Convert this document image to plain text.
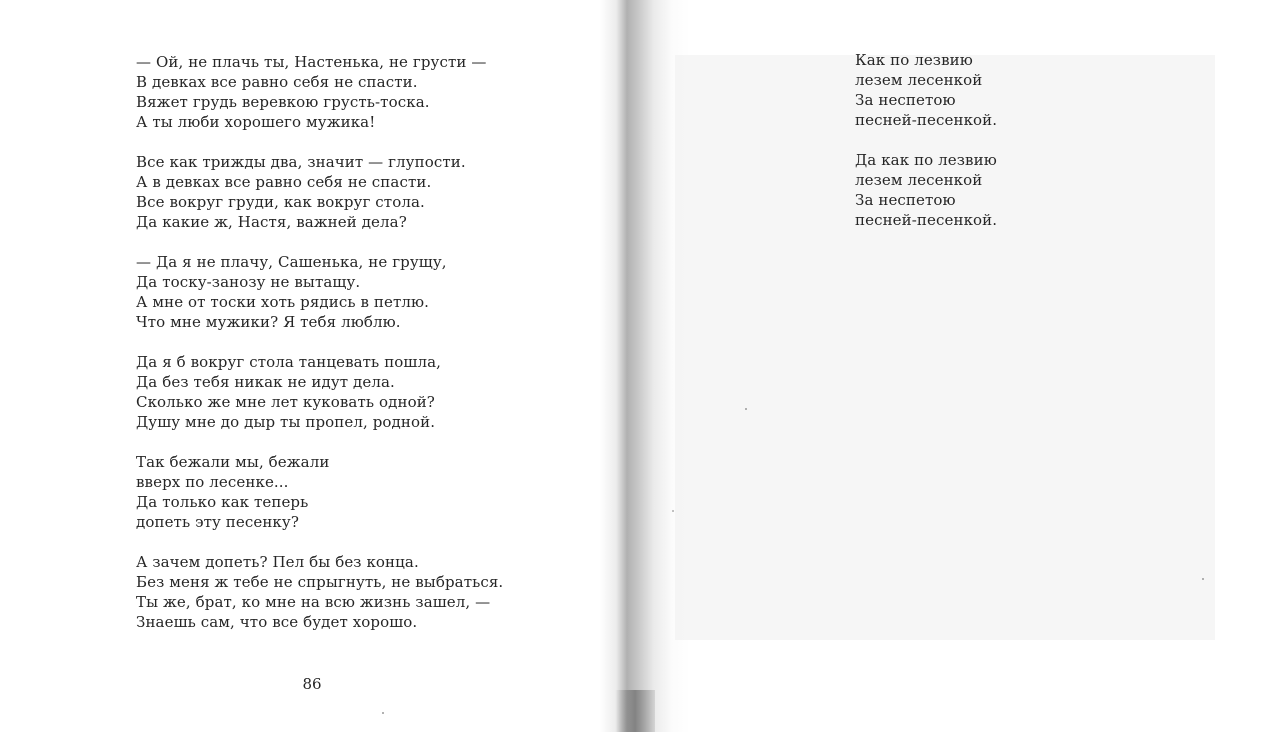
— Ой, не плачь ты, Настенька, не грусти —
В девках все равно себя не спасти.
Вяжет грудь веревкою грусть-тоска.
А ты люби хорошего мужика!

Все как трижды два, значит — глупости.
А в девках все равно себя не спасти.
Все вокруг груди, как вокруг стола.
Да какие ж, Настя, важней дела?

— Да я не плачу, Сашенька, не грущу,
Да тоску-занозу не вытащу.
А мне от тоски хоть рядись в петлю.
Что мне мужики? Я тебя люблю.

Да я б вокруг стола танцевать пошла,
Да без тебя никак не идут дела.
Сколько же мне лет куковать одной?
Душу мне до дыр ты пропел, родной.

Так бежали мы, бежали
вверх по лесенке...
Да только как теперь
допеть эту песенку?

А зачем допеть? Пел бы без конца.
Без меня ж тебе не спрыгнуть, не выбраться.
Ты же, брат, ко мне на всю жизнь зашел, —
Знаешь сам, что все будет хорошо.

86

Как по лезвию
лезем лесенкой
За неспетою
песней-песенкой.

Да как по лезвию
лезем лесенкой
За неспетою
песней-песенкой.
